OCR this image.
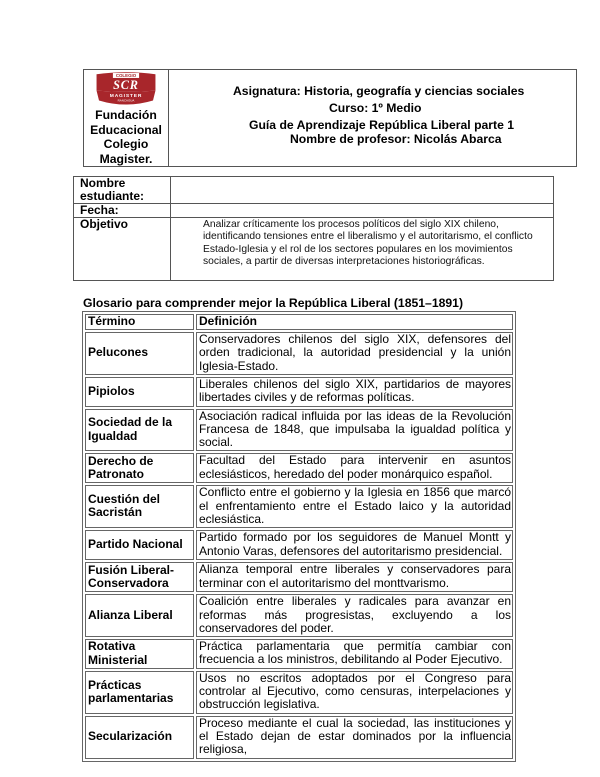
COLEGIO
SCR
MAGISTER
RANCAGUA
Fundación
Educacional
Colegio
Magister.
Asignatura: Historia, geografía y ciencias sociales
Curso: 1º Medio
Guía de Aprendizaje República Liberal parte 1
Nombre de profesor: Nicolás Abarca
Nombre estudiante:	
Fecha:	
Objetivo	Analizar críticamente los procesos políticos del siglo XIX chileno, identificando tensiones entre el liberalismo y el autoritarismo, el conflicto Estado-Iglesia y el rol de los sectores populares en los movimientos sociales, a partir de diversas interpretaciones historiográficas.
Glosario para comprender mejor la República Liberal (1851–1891)
Término	Definición
Pelucones	Conservadores chilenos del siglo XIX, defensores del orden tradicional, la autoridad presidencial y la unión Iglesia-Estado.
Pipiolos	Liberales chilenos del siglo XIX, partidarios de mayores libertades civiles y de reformas políticas.
Sociedad de la Igualdad	Asociación radical influida por las ideas de la Revolución Francesa de 1848, que impulsaba la igualdad política y social.
Derecho de Patronato	Facultad del Estado para intervenir en asuntos eclesiásticos, heredado del poder monárquico español.
Cuestión del Sacristán	Conflicto entre el gobierno y la Iglesia en 1856 que marcó el enfrentamiento entre el Estado laico y la autoridad eclesiástica.
Partido Nacional	Partido formado por los seguidores de Manuel Montt y Antonio Varas, defensores del autoritarismo presidencial.
Fusión Liberal-Conservadora	Alianza temporal entre liberales y conservadores para terminar con el autoritarismo del monttvarismo.
Alianza Liberal	Coalición entre liberales y radicales para avanzar en reformas más progresistas, excluyendo a los conservadores del poder.
Rotativa Ministerial	Práctica parlamentaria que permitía cambiar con frecuencia a los ministros, debilitando al Poder Ejecutivo.
Prácticas parlamentarias	Usos no escritos adoptados por el Congreso para controlar al Ejecutivo, como censuras, interpelaciones y obstrucción legislativa.
Secularización	Proceso mediante el cual la sociedad, las instituciones y el Estado dejan de estar dominados por la influencia religiosa,
